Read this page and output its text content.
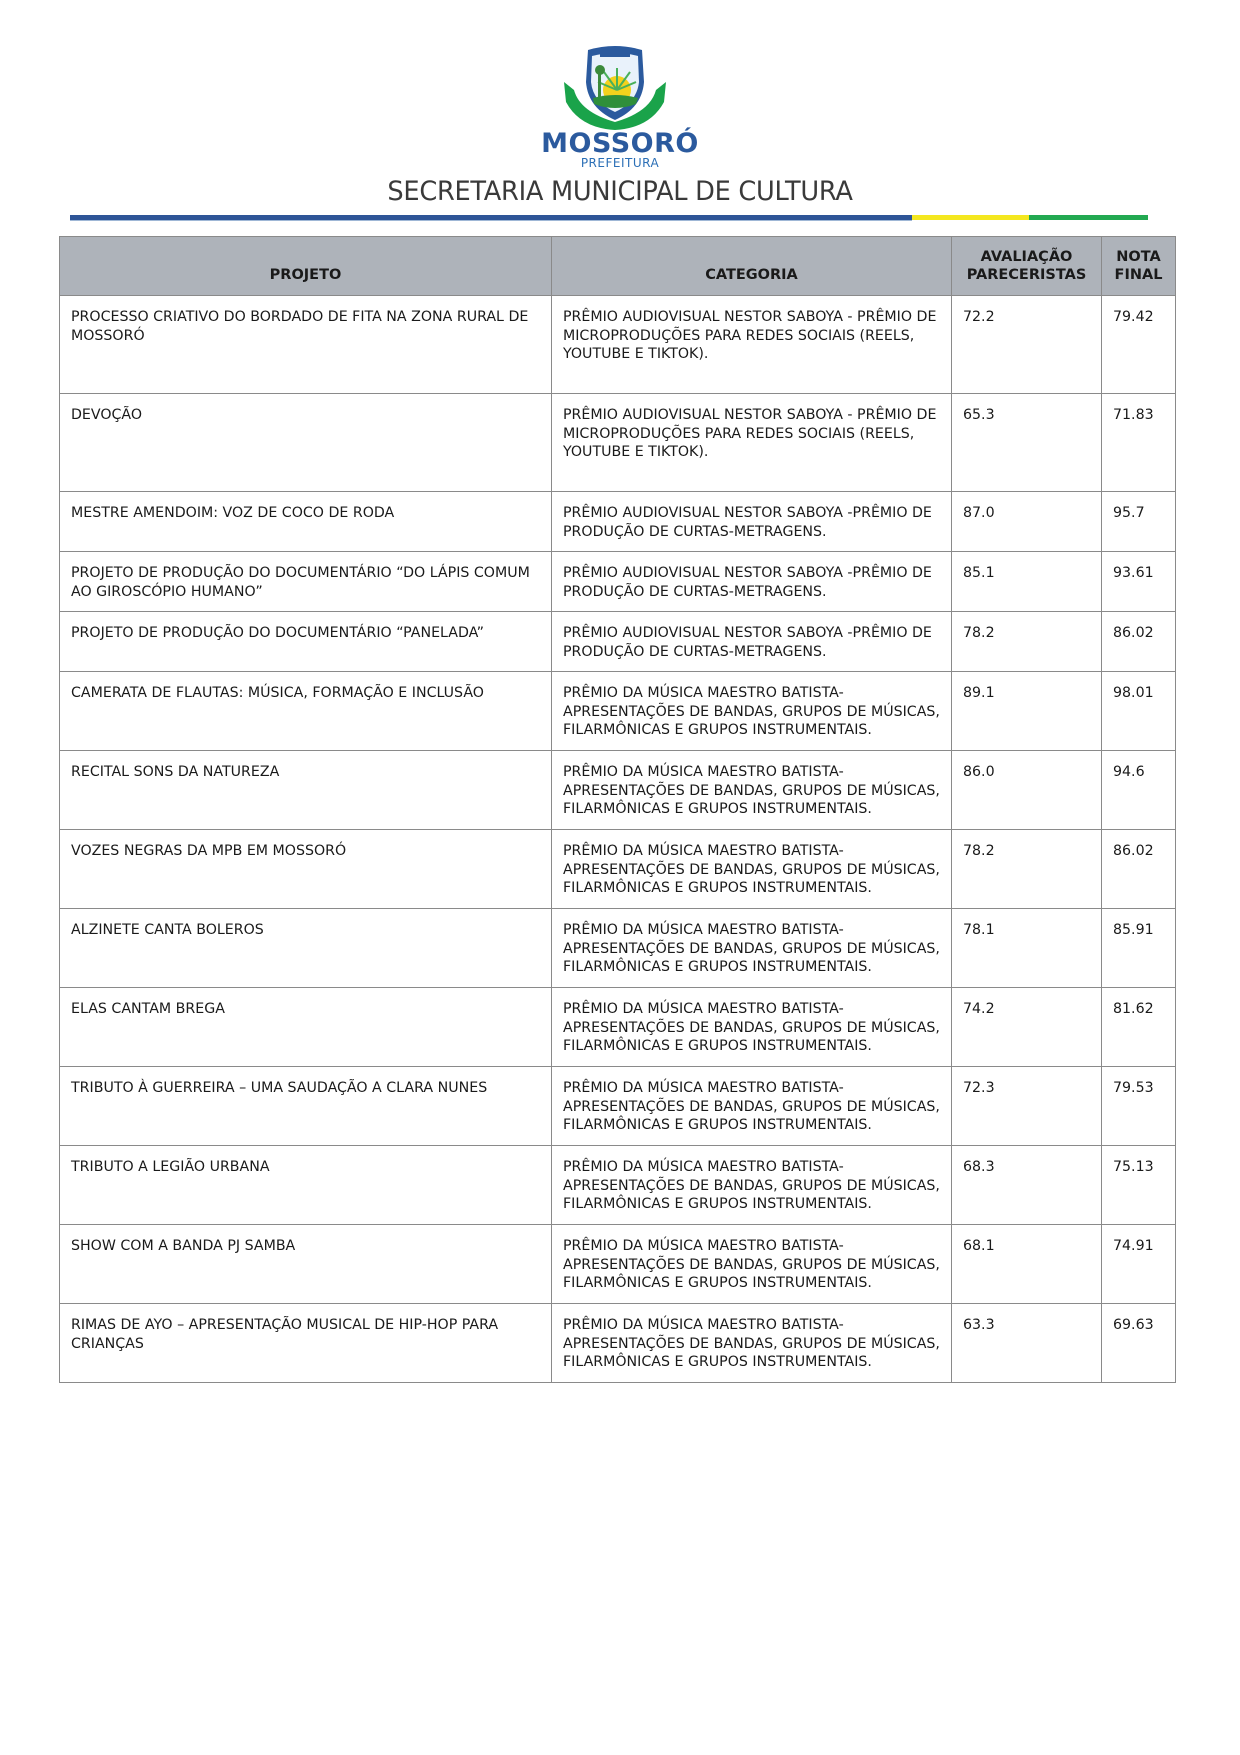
MOSSORÓ
PREFEITURA
SECRETARIA MUNICIPAL DE CULTURA
PROJETO	CATEGORIA	AVALIAÇÃO PARECERISTAS	NOTA FINAL
PROCESSO CRIATIVO DO BORDADO DE FITA NA ZONA RURAL DE MOSSORÓ	PRÊMIO AUDIOVISUAL NESTOR SABOYA - PRÊMIO DE MICROPRODUÇÕES PARA REDES SOCIAIS (REELS, YOUTUBE E TIKTOK).	72.2	79.42
DEVOÇÃO	PRÊMIO AUDIOVISUAL NESTOR SABOYA - PRÊMIO DE MICROPRODUÇÕES PARA REDES SOCIAIS (REELS, YOUTUBE E TIKTOK).	65.3	71.83
MESTRE AMENDOIM: VOZ DE COCO DE RODA	PRÊMIO AUDIOVISUAL NESTOR SABOYA -PRÊMIO DE PRODUÇÃO DE CURTAS-METRAGENS.	87.0	95.7
PROJETO DE PRODUÇÃO DO DOCUMENTÁRIO “DO LÁPIS COMUM AO GIROSCÓPIO HUMANO”	PRÊMIO AUDIOVISUAL NESTOR SABOYA -PRÊMIO DE PRODUÇÃO DE CURTAS-METRAGENS.	85.1	93.61
PROJETO DE PRODUÇÃO DO DOCUMENTÁRIO “PANELADA”	PRÊMIO AUDIOVISUAL NESTOR SABOYA -PRÊMIO DE PRODUÇÃO DE CURTAS-METRAGENS.	78.2	86.02
CAMERATA DE FLAUTAS: MÚSICA, FORMAÇÃO E INCLUSÃO	PRÊMIO DA MÚSICA MAESTRO BATISTA- APRESENTAÇÕES DE BANDAS, GRUPOS DE MÚSICAS, FILARMÔNICAS E GRUPOS INSTRUMENTAIS.	89.1	98.01
RECITAL SONS DA NATUREZA	PRÊMIO DA MÚSICA MAESTRO BATISTA- APRESENTAÇÕES DE BANDAS, GRUPOS DE MÚSICAS, FILARMÔNICAS E GRUPOS INSTRUMENTAIS.	86.0	94.6
VOZES NEGRAS DA MPB EM MOSSORÓ	PRÊMIO DA MÚSICA MAESTRO BATISTA- APRESENTAÇÕES DE BANDAS, GRUPOS DE MÚSICAS, FILARMÔNICAS E GRUPOS INSTRUMENTAIS.	78.2	86.02
ALZINETE CANTA BOLEROS	PRÊMIO DA MÚSICA MAESTRO BATISTA- APRESENTAÇÕES DE BANDAS, GRUPOS DE MÚSICAS, FILARMÔNICAS E GRUPOS INSTRUMENTAIS.	78.1	85.91
ELAS CANTAM BREGA	PRÊMIO DA MÚSICA MAESTRO BATISTA- APRESENTAÇÕES DE BANDAS, GRUPOS DE MÚSICAS, FILARMÔNICAS E GRUPOS INSTRUMENTAIS.	74.2	81.62
TRIBUTO À GUERREIRA – UMA SAUDAÇÃO A CLARA NUNES	PRÊMIO DA MÚSICA MAESTRO BATISTA- APRESENTAÇÕES DE BANDAS, GRUPOS DE MÚSICAS, FILARMÔNICAS E GRUPOS INSTRUMENTAIS.	72.3	79.53
TRIBUTO A LEGIÃO URBANA	PRÊMIO DA MÚSICA MAESTRO BATISTA- APRESENTAÇÕES DE BANDAS, GRUPOS DE MÚSICAS, FILARMÔNICAS E GRUPOS INSTRUMENTAIS.	68.3	75.13
SHOW COM A BANDA PJ SAMBA	PRÊMIO DA MÚSICA MAESTRO BATISTA- APRESENTAÇÕES DE BANDAS, GRUPOS DE MÚSICAS, FILARMÔNICAS E GRUPOS INSTRUMENTAIS.	68.1	74.91
RIMAS DE AYO – APRESENTAÇÃO MUSICAL DE HIP-HOP PARA CRIANÇAS	PRÊMIO DA MÚSICA MAESTRO BATISTA- APRESENTAÇÕES DE BANDAS, GRUPOS DE MÚSICAS, FILARMÔNICAS E GRUPOS INSTRUMENTAIS.	63.3	69.63
